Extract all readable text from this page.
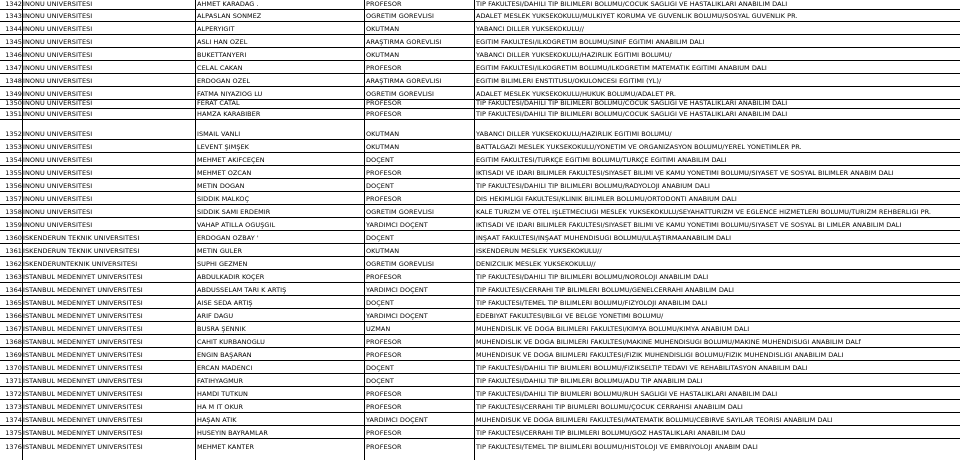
1342 INONU UNIVERSITESI	AHMET KARADAG .	PROFESOR	TIP FAKULTESI/DAHILI TIP BILIMLERI BOLUMU/COCUK SAGLIGI VE HASTALIKLARI ANABILIM DALI
1343 INONU UNIVERSITESI	ALPASLAN SONMEZ	OGRETIM GOREVLISI	ADALET MESLEK YUKSEKOKULU/MULKIYET KORUMA VE GUVENLIK BOLUMU/SOSYAL GUVENLIK PR.
1344 INONU UNIVERSITESI	ALPERYIGIT	OKUTMAN	YABANCI DILLER YUKSEKOKULU//
1345 INONU UNIVERSITESI	ASLI HAN OZEL	ARAŞTIRMA GOREVLISI	EGITIM FAKULTESI/ILKOGRETIM BOLUMU/SINIF EGITIMI ANABILIM DALI
1346 INONU UNIVERSITESI	BUKETTANYERI	OKUTMAN	YABANCI DILLER YUKSEKOKULU/HAZIRLIK EGITIMI BOLUMU/
1347 INONU UNIVERSITESI	CELAL CAKAN	PROFESOR	EGITIM FAKULTESI/ILKOGRETIM BOLUMU/ILKOGRETIM MATEMATIK EGITIMI ANABIUM DALI
1348 INONU UNIVERSITESI	ERDOGAN OZEL	ARAŞTIRMA GOREVLISI	EGITIM BILIMLERI ENSTITUSU/OKULONCESI EGITIMI (YL)/
1349 INONU UNIVERSITESI	FATMA NIYAZIOG LU	OGRETIM GOREVLISI	ADALET MESLEK YUKSEKOKULU/HUKUK BOLUMU/ADALET PR.
1350 INONU UNIVERSITESI	FERAT CATAL	PROFESOR	TIP FAKULTESI/DAHILI TIP BILIMLERI BOLUMU/COCUK SAGLIGI VE HASTALIKLARI ANABILIM DALI
1351 INONU UNIVERSITESI	HAMZA KARABIBER	PROFESOR	TIP FAKULTESI/DAHILI TIP BILIMLERI BOLUMU/COCUK SAGLIGI VE HASTALIKLARI ANABILIM DALI
1352 INONU UNIVERSITESI	ISMAIL VANLI	OKUTMAN	YABANCI DILLER YUKSEKOKULU/HAZIRLIK EGITIMI BOLUMU/
1353 INONU UNIVERSITESI	LEVENT ŞIMŞEK	OKUTMAN	BATTALGAZI MESLEK YUKSEKOKULU/YONETIM VE ORGANIZASYON BOLUMU/YEREL YONETIMLER PR.
1354 INONU UNIVERSITESI	MEHMET AKIFCEÇEN	DOÇENT	EGITIM FAKULTESI/TURKÇE EGITIMI BOLUMU/TURKÇE EGITIMI ANABILIM DALI
1355 INONU UNIVERSITESI	MEHMET OZCAN	PROFESOR	IKTISADI VE IDARI BILIMLER FAKULTESI/SIYASET BILIMI VE KAMU YONETIMI BOLUMU/SIYASET VE SOSYAL BILIMLER ANABIM DALI
1356 INONU UNIVERSITESI	METIN DOGAN	DOÇENT	TIP FAKULTESI/DAHILI TIP BILIMLERI BOLUMU/RADYOLOJI ANABIUM DALI
1357 INONU UNIVERSITESI	SIDDIK MALKOÇ	PROFESOR	DIS HEKIMLIGI FAKULTESI/KLINIK BILIMLER BOLUMU/ORTODONTI ANABIUM DALI
1358 INONU UNIVERSITESI	SIDDIK SAMI ERDEMIR	OGRETIM GOREVLISI	KALE TURIZM VE OTEL IŞLETMECIUGI MESLEK YUKSEKOKULU/SEYAHATTURIZM VE EGLENCE HIZMETLERI BOLUMU/TURIZM REHBERLIGI PR.
1359 INONU UNIVERSITESI	VAHAP ATILLA OGUŞGIL	YARDIMCI DOÇENT	IKTISADI VE IDARI BILIMLER FAKULTESI/SIYASET BILIMI VE KAMU YONETIMI BOLUMU/SIYASET VE SOSYAL BI LIMLER ANABILIM DALI
1360 ISKENDERUN TEKNIK UNIVERSITESI	ERDOGAN OZBAY '	DOÇENT	INŞAAT FAKULTESI/INŞAAT MUHENDISUGI BOLUMU/ULAŞTIRMAANABILIM DALI
1361 ISKENDERUN TEKNIK UNIVERSITESI	METIN GULER	OKUTMAN	ISKENDERUN MESLEK YUKSEKOKULU//
1362 ISKENDERUNTEKNIK UNIVERSITESI	SUPHI GEZMEN	OGRETIM GOREVLISI	DENIZCILIK MESLEK YUKSEKOKULU//
1363 ISTANBUL MEDENIYET UNIVERSITESI	ABDULKADIR KOÇER	PROFESOR	TIP FAKULTESI/DAHILI TIP BILIMLERI BOLUMU/NOROLOJI ANABILIM DALI
1364 ISTANBUL MEDENIYET UNIVERSITESI	ABDUSSELAM TARI K ARTIŞ	YARDIMCI DOÇENT	TIP FAKULTESI/CERRAHI TIP BILIMLERI BOLUMU/GENELCERRAHI ANABILIM DALI
1365 ISTANBUL MEDENIYET UNIVERSITESI	AISE SEDA ARTIŞ	DOÇENT	TIP FAKULTESI/TEMEL TIP BILIMLERI BOLUMU/FIZYOLOJI ANABILIM DALI
1366 ISTANBUL MEDENIYET UNIVERSITESI	ARIF DAGU	YARDIMCI DOÇENT	EDEBIYAT FAKULTESI/BILGI VE BELGE YONETIMI BOLUMU/
1367 ISTANBUL MEDENIYET UNIVERSITESI	BUSRA ŞENNIK	UZMAN	MUHENDISLIK VE DOGA BILIMLERI FAKULTESI/KIMYA BOLUMU/KIMYA ANABIUM DALI
1368 ISTANBUL MEDENIYET UNIVERSITESI	CAHIT KURBANOGLU	PROFESOR	MUHENDISLIK VE DOGA BILIMLERI FAKULTESI/MAKINE MUHENDISUGI BOLUMU/MAKINE MUHENDISUGI ANABILIM DALf
1369 ISTANBUL MEDENIYET UNIVERSITESI	ENGIN BAŞARAN	PROFESOR	MUHENDISUK VE DOGA BILIMLERI FAKULTESI/FIZIK MUHENDISLIGI BOLUMU/FIZIK MUHENDISLIGI ANABILIM DALI
1370 ISTANBUL MEDENIYET UNIVERSITESI	ERCAN MADENCI	DOÇENT	TIP FAKULTESI/DAHILI TIP BIUMLERI BOLUMU/FIZIKSELTIP TEDAVI VE REHABILITASYON ANABILIM DALI
1371 ISTANBUL MEDENIYET UNIVERSITESI	FATIHYAGMUR	DOÇENT	TIP FAKULTESI/DAHILI TIP BILIMLERI BOLUMU/ADU TIP ANABILIM DALI
1372 ISTANBUL MEDENIYET UNIVERSITESI	HAMDI TUTKUN	PROFESOR	TIP FAKULTESI/DAHILI TIP BIUMLERI BOLUMU/RUH SAGLIGI VE HASTALIKLARI ANABILIM DALI
1373 ISTANBUL MEDENIYET UNIVERSITESI	HA M IT OKUR	PROFESOR	TIP FAKULTESI/CERRAHI TIP BIUMLERI BOLUMU/ÇOCUK CERRAHISI ANABILIM DALI
1374 ISTANBUL MEDENIYET UNIVERSITESI	HAŞAN ATIK	YARDIMCI DOÇENT	MUHENDISUK VE DOGA BILIMLERI FAKULTESI/MATEMATIK BOLUMU/CEBIRVE SAYILAR TEORISI ANABILIM DALI
1375 ISTANBUL MEDENIYET UNIVERSITESI	HUSEYIN BAYRAMLAR	PROFESOR	TIP FAKULTESI/CERRAHI TIP BILIMLERI BOLUMU/GOZ HASTALIKLARI ANABILIM DAU
1376 ISTANBUL MEDENIYET UNIVERSITESI	MEHMET KANTER	PROFESOR	TIP FAKULTESI/TEMEL TIP BILIMLERI BOLUMU/HISTOLOJI VE EMBRIYOLOJI ANABIM DALI
